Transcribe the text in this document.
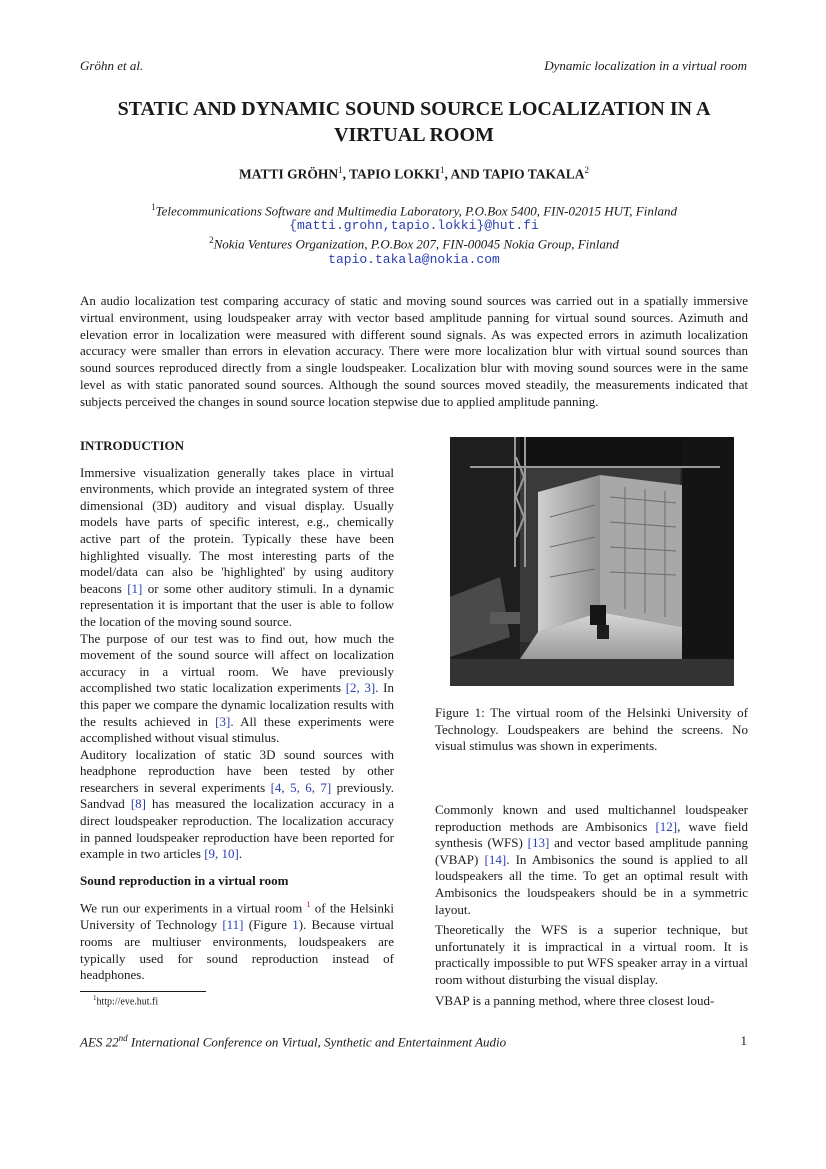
Gröhn et al.	Dynamic localization in a virtual room
STATIC AND DYNAMIC SOUND SOURCE LOCALIZATION IN A
VIRTUAL ROOM
MATTI GRÖHN$^1$, TAPIO LOKKI$^1$, AND TAPIO TAKALA$^2$
$^1$Telecommunications Software and Multimedia Laboratory, P.O.Box 5400, FIN-02015 HUT, Finland
{matti.grohn,tapio.lokki}@hut.fi
$^2$Nokia Ventures Organization, P.O.Box 207, FIN-00045 Nokia Group, Finland
tapio.takala@nokia.com
An audio localization test comparing accuracy of static and moving sound sources was carried out in a spatially immersive virtual environment, using loudspeaker array with vector based amplitude panning for virtual sound sources. Azimuth and elevation error in localization were measured with different sound signals. As was expected errors in azimuth localization accuracy were smaller than errors in elevation accuracy. There were more localization blur with virtual sound sources than sound sources reproduced directly from a single loudspeaker. Localization blur with moving sound sources were in the same level as with static panorated sound sources. Although the sound sources moved steadily, the measurements indicated that subjects perceived the changes in sound source location stepwise due to applied amplitude panning.

INTRODUCTION

Immersive visualization generally takes place in virtual environments, which provide an integrated system of three dimensional (3D) auditory and visual display. Usually models have parts of specific interest, e.g., chemically active part of the protein. Typically these have been highlighted visually. The most interesting parts of the model/data can also be 'highlighted' by using auditory beacons [1] or some other auditory stimuli. In a dynamic representation it is important that the user is able to follow the location of the moving sound source.

The purpose of our test was to find out, how much the movement of the sound source will affect on localization accuracy in a virtual room. We have previously accomplished two static localization experiments [2, 3]. In this paper we compare the dynamic localization results with the results achieved in [3]. All these experiments were accomplished without visual stimulus.

Auditory localization of static 3D sound sources with headphone reproduction have been tested by other researchers in several experiments [4, 5, 6, 7] previously. Sandvad [8] has measured the localization accuracy in a direct loudspeaker reproduction. The localization accuracy in panned loudspeaker reproduction have been reported for example in two articles [9, 10].

Sound reproduction in a virtual room

We run our experiments in a virtual room $^1$ of the Helsinki University of Technology [11] (Figure 1). Because virtual rooms are multiuser environments, loudspeakers are typically used for sound reproduction instead of headphones.

$^1$http://eve.hut.fi
Figure 1: The virtual room of the Helsinki University of Technology. Loudspeakers are behind the screens. No visual stimulus was shown in experiments.

Commonly known and used multichannel loudspeaker reproduction methods are Ambisonics [12], wave field synthesis (WFS) [13] and vector based amplitude panning (VBAP) [14]. In Ambisonics the sound is applied to all loudspeakers all the time. To get an optimal result with Ambisonics the loudspeakers should be in a symmetric layout.

Theoretically the WFS is a superior technique, but unfortunately it is impractical in a virtual room. It is practically impossible to put WFS speaker array in a virtual room without disturbing the visual display.

VBAP is a panning method, where three closest loud-

AES 22nd International Conference on Virtual, Synthetic and Entertainment Audio	1
